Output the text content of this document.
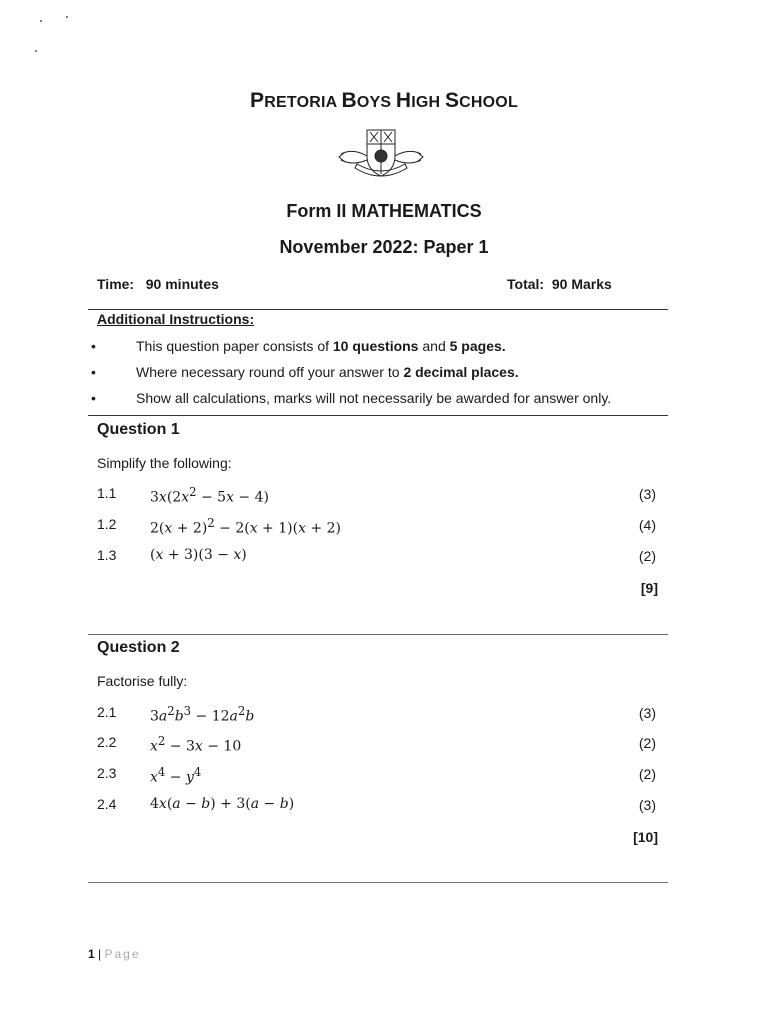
PRETORIA BOYS HIGH SCHOOL
Form II MATHEMATICS
November 2022: Paper 1
Time: 90 minutes	Total: 90 Marks
Additional Instructions:
•	This question paper consists of 10 questions and 5 pages.
•	Where necessary round off your answer to 2 decimal places.
•	Show all calculations, marks will not necessarily be awarded for answer only.
Question 1
Simplify the following:
1.1 $3x(2x^2 - 5x - 4)$	(3)
1.2 $2(x + 2)^2 - 2(x + 1)(x + 2)$	(4)
1.3 (x + 3)(3 − x)	(2)
[9]
Question 2
Factorise fully:
2.1 $3a^2b^3 - 12a^2b$	(3)
2.2 $x^2 - 3x - 10$	(2)
2.3 $x^4 - y^4$	(2)
2.4 4x(a − b) + 3(a − b)	(3)
[10]
1 | Page
